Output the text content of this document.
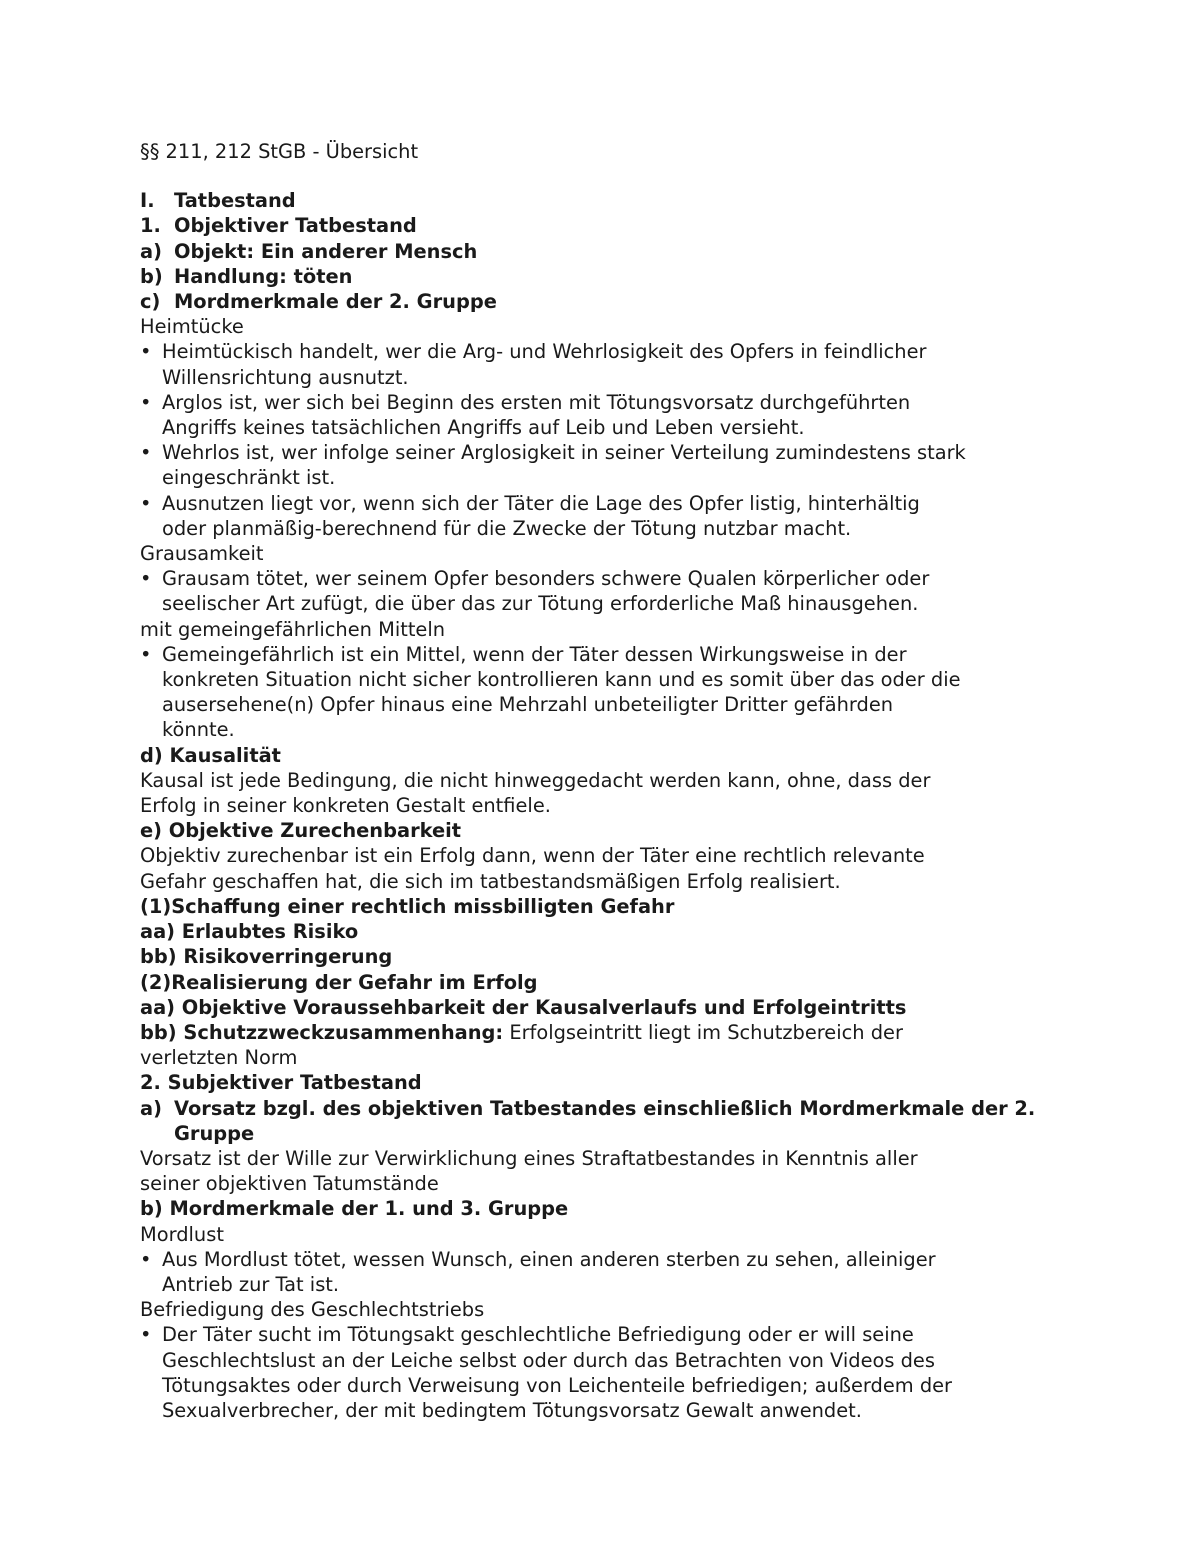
§§ 211, 212 StGB - Übersicht
I. Tatbestand
1. Objektiver Tatbestand
a) Objekt: Ein anderer Mensch
b) Handlung: töten
c) Mordmerkmale der 2. Gruppe
Heimtücke
• Heimtückisch handelt, wer die Arg- und Wehrlosigkeit des Opfers in feindlicher
Willensrichtung ausnutzt.
• Arglos ist, wer sich bei Beginn des ersten mit Tötungsvorsatz durchgeführten
Angriffs keines tatsächlichen Angriffs auf Leib und Leben versieht.
• Wehrlos ist, wer infolge seiner Arglosigkeit in seiner Verteilung zumindestens stark
eingeschränkt ist.
• Ausnutzen liegt vor, wenn sich der Täter die Lage des Opfer listig, hinterhältig
oder planmäßig-berechnend für die Zwecke der Tötung nutzbar macht.
Grausamkeit
• Grausam tötet, wer seinem Opfer besonders schwere Qualen körperlicher oder
seelischer Art zufügt, die über das zur Tötung erforderliche Maß hinausgehen.
mit gemeingefährlichen Mitteln
• Gemeingefährlich ist ein Mittel, wenn der Täter dessen Wirkungsweise in der
konkreten Situation nicht sicher kontrollieren kann und es somit über das oder die
ausersehene(n) Opfer hinaus eine Mehrzahl unbeteiligter Dritter gefährden
könnte.
d) Kausalität
Kausal ist jede Bedingung, die nicht hinweggedacht werden kann, ohne, dass der
Erfolg in seiner konkreten Gestalt entfiele.
e) Objektive Zurechenbarkeit
Objektiv zurechenbar ist ein Erfolg dann, wenn der Täter eine rechtlich relevante
Gefahr geschaffen hat, die sich im tatbestandsmäßigen Erfolg realisiert.
(1)Schaffung einer rechtlich missbilligten Gefahr
aa) Erlaubtes Risiko
bb) Risikoverringerung
(2)Realisierung der Gefahr im Erfolg
aa) Objektive Voraussehbarkeit der Kausalverlaufs und Erfolgeintritts
bb) Schutzzweckzusammenhang: Erfolgseintritt liegt im Schutzbereich der
verletzten Norm
2. Subjektiver Tatbestand
a) Vorsatz bzgl. des objektiven Tatbestandes einschließlich Mordmerkmale der 2. Gruppe
Vorsatz ist der Wille zur Verwirklichung eines Straftatbestandes in Kenntnis aller
seiner objektiven Tatumstände
b) Mordmerkmale der 1. und 3. Gruppe
Mordlust
• Aus Mordlust tötet, wessen Wunsch, einen anderen sterben zu sehen, alleiniger
Antrieb zur Tat ist.
Befriedigung des Geschlechtstriebs
• Der Täter sucht im Tötungsakt geschlechtliche Befriedigung oder er will seine
Geschlechtslust an der Leiche selbst oder durch das Betrachten von Videos des
Tötungsaktes oder durch Verweisung von Leichenteile befriedigen; außerdem der
Sexualverbrecher, der mit bedingtem Tötungsvorsatz Gewalt anwendet.
